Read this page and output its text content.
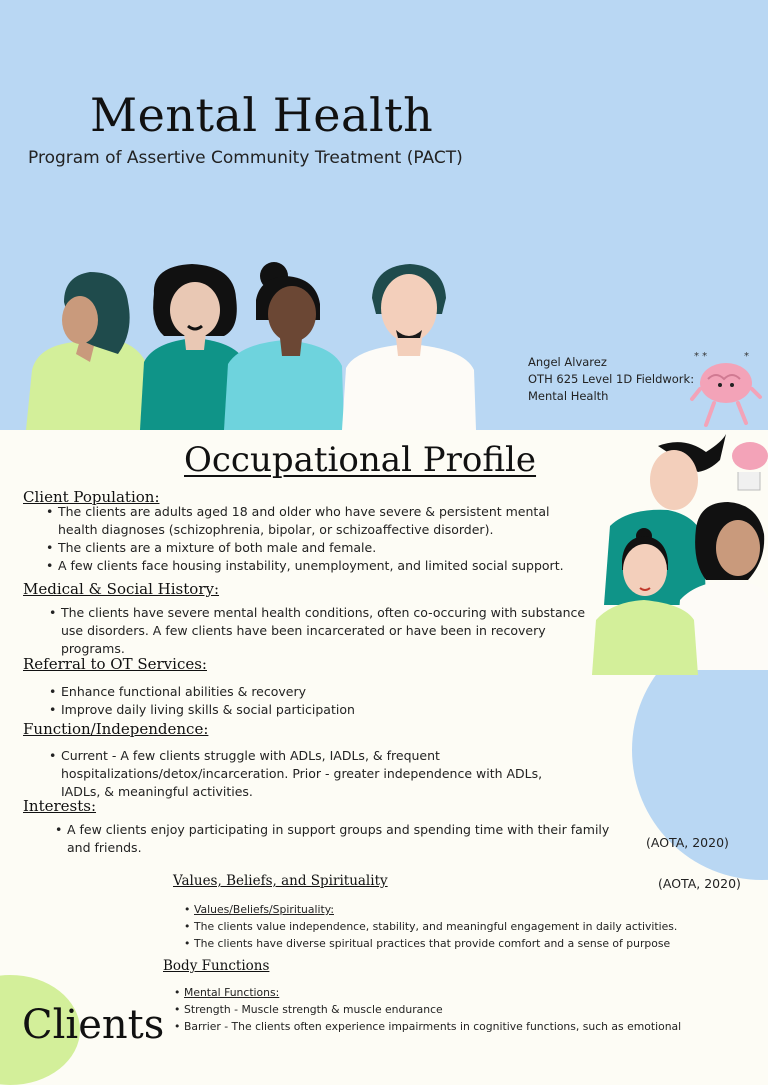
Mental Health
Program of Assertive Community Treatment (PACT)
Angel Alvarez
OTH 625 Level 1D Fieldwork:
Mental Health
* *	*
Occupational Profile
Client Population:
• The clients are adults aged 18 and older who have severe & persistent mental health diagnoses (schizophrenia, bipolar, or schizoaffective disorder).
• The clients are a mixture of both male and female.
• A few clients face housing instability, unemployment, and limited social support.
Medical & Social History:
• The clients have severe mental health conditions, often co-occuring with substance use disorders. A few clients have been incarcerated or have been in recovery programs.
Referral to OT Services:
• Enhance functional abilities & recovery
• Improve daily living skills & social participation
Function/Independence:
• Current - A few clients struggle with ADLs, IADLs, & frequent hospitalizations/detox/incarceration. Prior - greater independence with ADLs, IADLs, & meaningful activities.
Interests:
• A few clients enjoy participating in support groups and spending time with their family and friends.	(AOTA, 2020)
(AOTA, 2020)
Values, Beliefs, and Spirituality
• Values/Beliefs/Spirituality:
• The clients value independence, stability, and meaningful engagement in daily activities.
• The clients have diverse spiritual practices that provide comfort and a sense of purpose
Body Functions
• Mental Functions:
• Strength - Muscle strength & muscle endurance
• Barrier - The clients often experience impairments in cognitive functions, such as emotional
Clients
